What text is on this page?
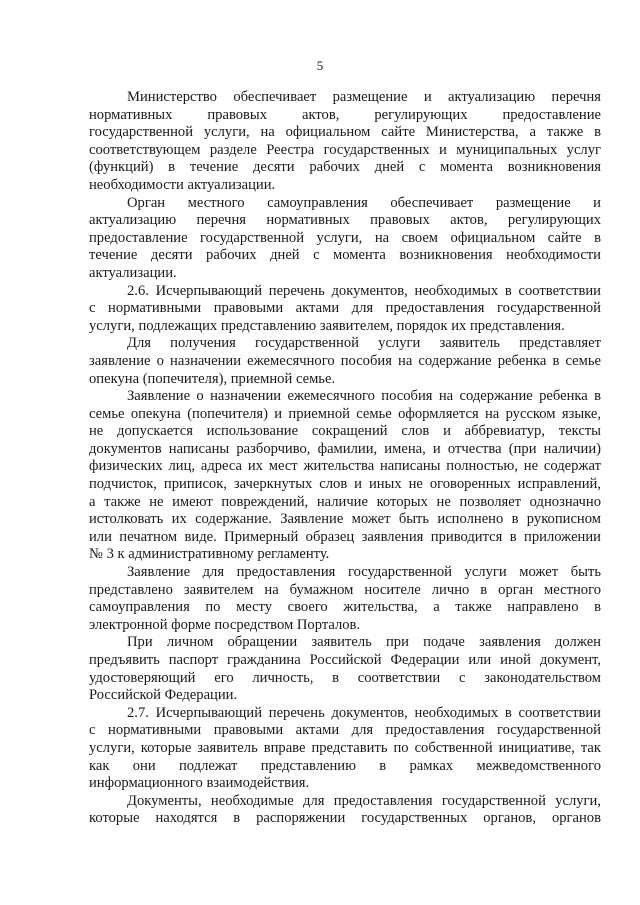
5
Министерство обеспечивает размещение и актуализацию перечня
нормативных правовых актов, регулирующих предоставление
государственной услуги, на официальном сайте Министерства, а также в
соответствующем разделе Реестра государственных и муниципальных услуг
(функций) в течение десяти рабочих дней с момента возникновения
необходимости актуализации.
Орган местного самоуправления обеспечивает размещение и
актуализацию перечня нормативных правовых актов, регулирующих
предоставление государственной услуги, на своем официальном сайте в
течение десяти рабочих дней с момента возникновения необходимости
актуализации.
2.6. Исчерпывающий перечень документов, необходимых в соответствии
с нормативными правовыми актами для предоставления государственной
услуги, подлежащих представлению заявителем, порядок их представления.
Для получения государственной услуги заявитель представляет
заявление о назначении ежемесячного пособия на содержание ребенка в семье
опекуна (попечителя), приемной семье.
Заявление о назначении ежемесячного пособия на содержание ребенка в
семье опекуна (попечителя) и приемной семье оформляется на русском языке,
не допускается использование сокращений слов и аббревиатур, тексты
документов написаны разборчиво, фамилии, имена, и отчества (при наличии)
физических лиц, адреса их мест жительства написаны полностью, не содержат
подчисток, приписок, зачеркнутых слов и иных не оговоренных исправлений,
а также не имеют повреждений, наличие которых не позволяет однозначно
истолковать их содержание. Заявление может быть исполнено в рукописном
или печатном виде. Примерный образец заявления приводится в приложении
№ 3 к административному регламенту.
Заявление для предоставления государственной услуги может быть
представлено заявителем на бумажном носителе лично в орган местного
самоуправления по месту своего жительства, а также направлено в
электронной форме посредством Порталов.
При личном обращении заявитель при подаче заявления должен
предъявить паспорт гражданина Российской Федерации или иной документ,
удостоверяющий его личность, в соответствии с законодательством
Российской Федерации.
2.7. Исчерпывающий перечень документов, необходимых в соответствии
с нормативными правовыми актами для предоставления государственной
услуги, которые заявитель вправе представить по собственной инициативе, так
как они подлежат представлению в рамках межведомственного
информационного взаимодействия.
Документы, необходимые для предоставления государственной услуги,
которые находятся в распоряжении государственных органов, органов
